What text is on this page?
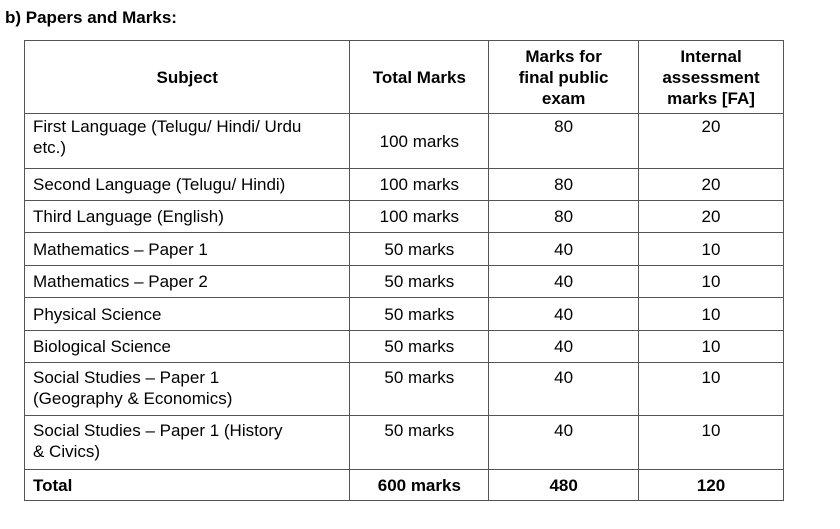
b) Papers and Marks:
Subject	Total Marks	Marks for final public exam	Internal assessment marks [FA]
First Language (Telugu/ Hindi/ Urdu etc.)	100 marks	80	20
Second Language (Telugu/ Hindi)	100 marks	80	20
Third Language (English)	100 marks	80	20
Mathematics – Paper 1	50 marks	40	10
Mathematics – Paper 2	50 marks	40	10
Physical Science	50 marks	40	10
Biological Science	50 marks	40	10
Social Studies – Paper 1 (Geography & Economics)	50 marks	40	10
Social Studies – Paper 1 (History & Civics)	50 marks	40	10
Total	600 marks	480	120
